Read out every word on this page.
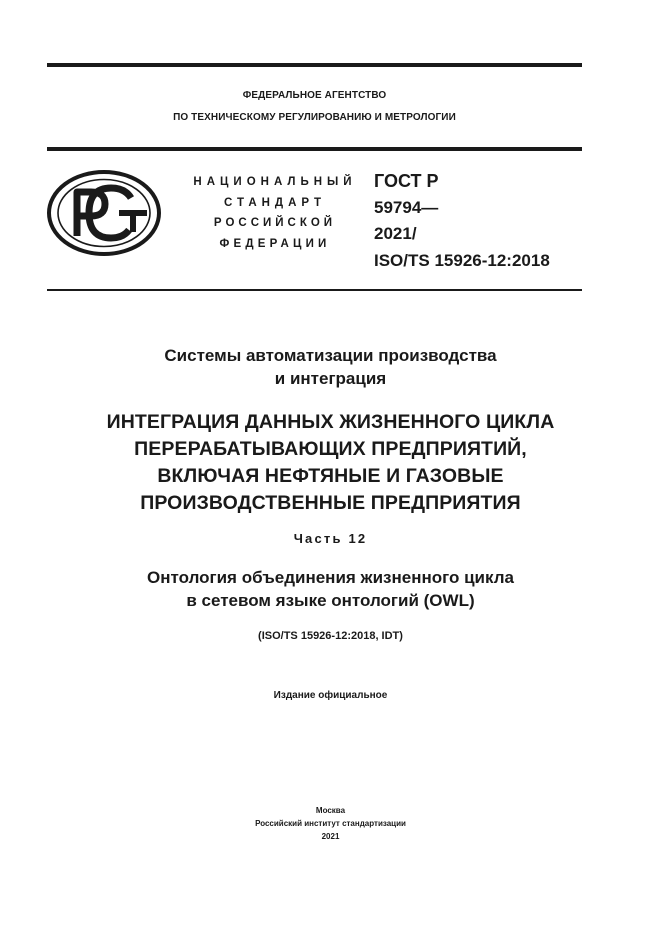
ФЕДЕРАЛЬНОЕ АГЕНТСТВО
ПО ТЕХНИЧЕСКОМУ РЕГУЛИРОВАНИЮ И МЕТРОЛОГИИ
НАЦИОНАЛЬНЫЙ
СТАНДАРТ
РОССИЙСКОЙ
ФЕДЕРАЦИИ
ГОСТ Р
59794—
2021/
ISO/TS 15926-12:2018
Системы автоматизации производства
и интеграция
ИНТЕГРАЦИЯ ДАННЫХ ЖИЗНЕННОГО ЦИКЛА
ПЕРЕРАБАТЫВАЮЩИХ ПРЕДПРИЯТИЙ,
ВКЛЮЧАЯ НЕФТЯНЫЕ И ГАЗОВЫЕ
ПРОИЗВОДСТВЕННЫЕ ПРЕДПРИЯТИЯ
Часть 12
Онтология объединения жизненного цикла
в сетевом языке онтологий (OWL)
(ISO/TS 15926-12:2018, IDT)
Издание официальное
Москва
Российский институт стандартизации
2021
